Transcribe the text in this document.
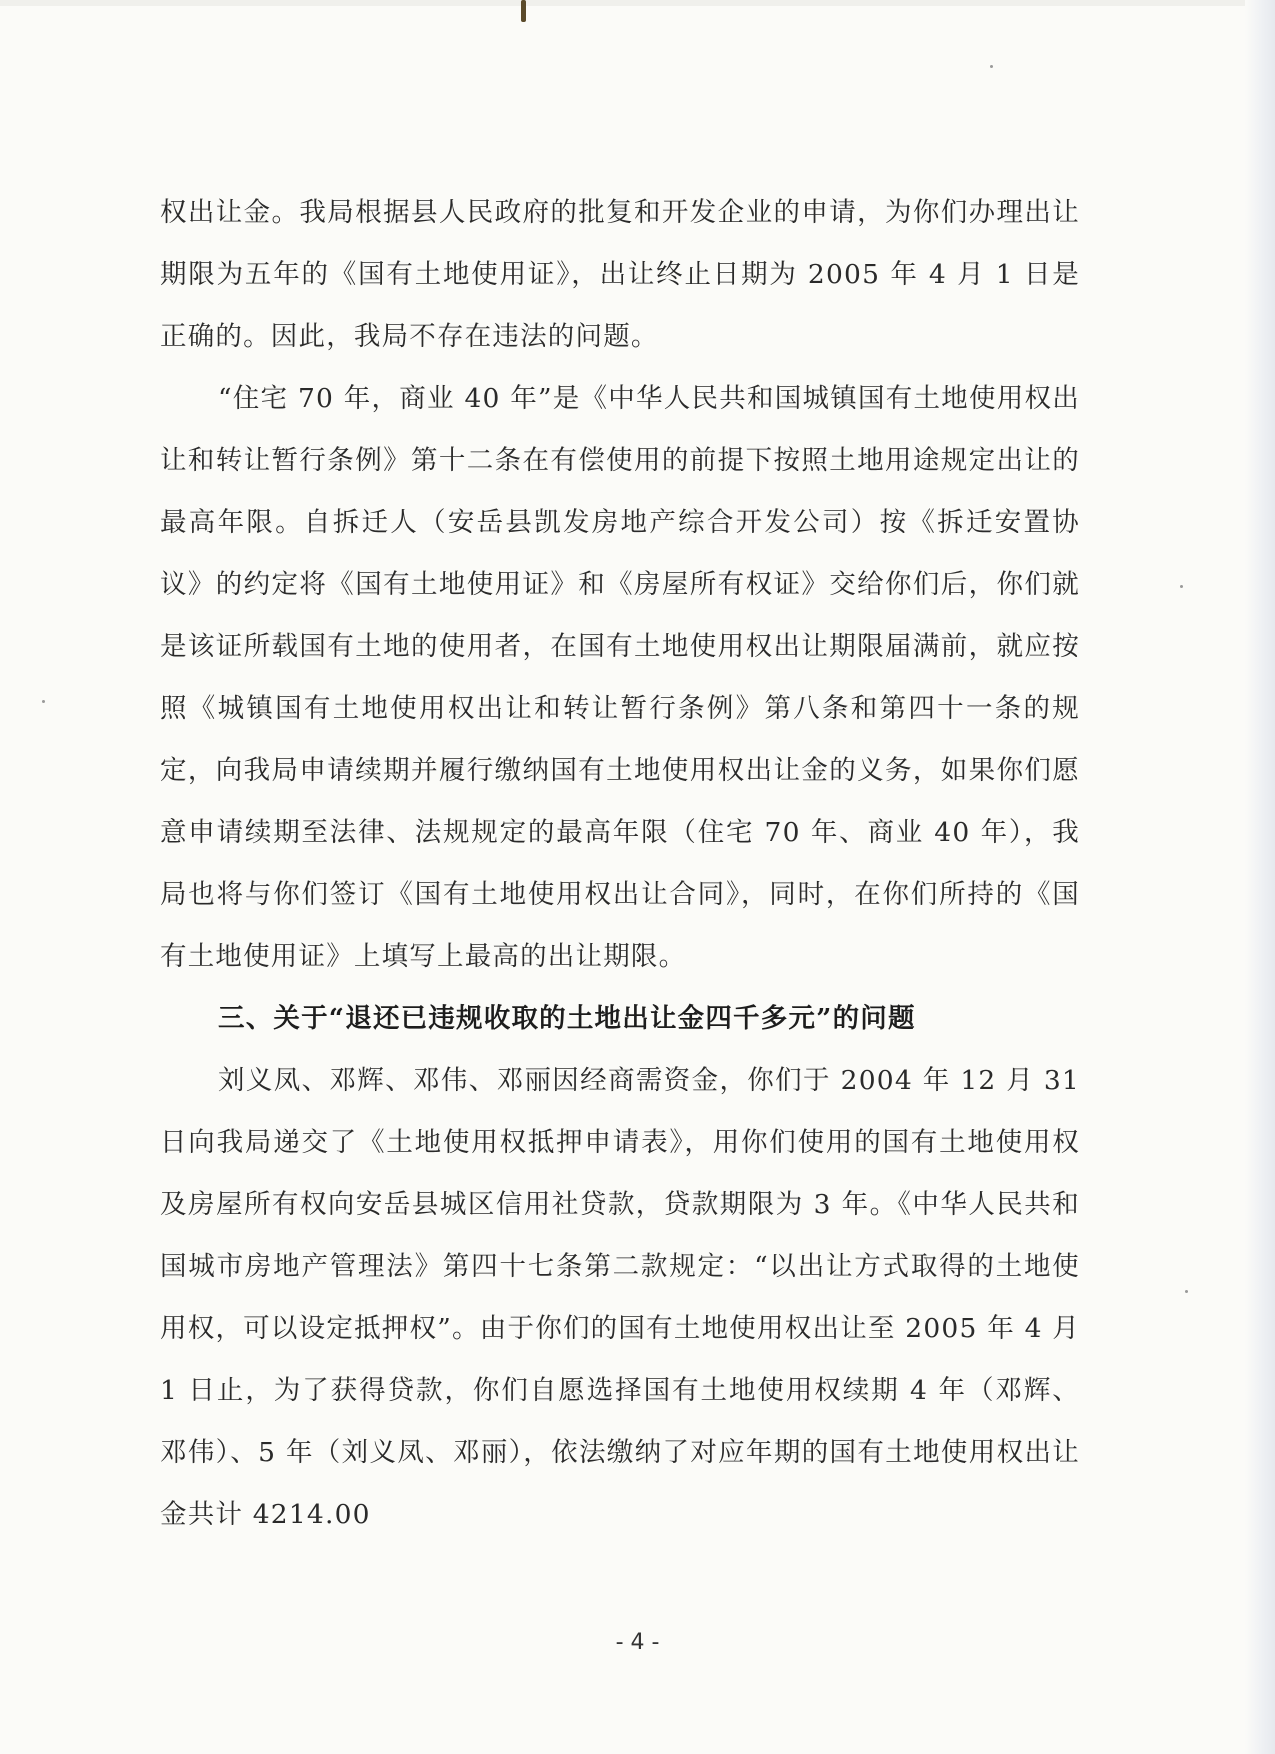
权出让金。我局根据县人民政府的批复和开发企业的申请，为你们办理出让期限为五年的《国有土地使用证》，出让终止日期为 2005 年 4 月 1 日是正确的。因此，我局不存在违法的问题。

“住宅 70 年，商业 40 年”是《中华人民共和国城镇国有土地使用权出让和转让暂行条例》第十二条在有偿使用的前提下按照土地用途规定出让的最高年限。自拆迁人（安岳县凯发房地产综合开发公司）按《拆迁安置协议》的约定将《国有土地使用证》和《房屋所有权证》交给你们后，你们就是该证所载国有土地的使用者，在国有土地使用权出让期限届满前，就应按照《城镇国有土地使用权出让和转让暂行条例》第八条和第四十一条的规定，向我局申请续期并履行缴纳国有土地使用权出让金的义务，如果你们愿意申请续期至法律、法规规定的最高年限（住宅 70 年、商业 40 年），我局也将与你们签订《国有土地使用权出让合同》，同时，在你们所持的《国有土地使用证》上填写上最高的出让期限。

三、关于“退还已违规收取的土地出让金四千多元”的问题

刘义凤、邓辉、邓伟、邓丽因经商需资金，你们于 2004 年 12 月 31 日向我局递交了《土地使用权抵押申请表》，用你们使用的国有土地使用权及房屋所有权向安岳县城区信用社贷款，贷款期限为 3 年。《中华人民共和国城市房地产管理法》第四十七条第二款规定：“以出让方式取得的土地使用权，可以设定抵押权”。由于你们的国有土地使用权出让至 2005 年 4 月 1 日止，为了获得贷款，你们自愿选择国有土地使用权续期 4 年（邓辉、邓伟）、5 年（刘义凤、邓丽），依法缴纳了对应年期的国有土地使用权出让金共计 4214.00

- 4 -
